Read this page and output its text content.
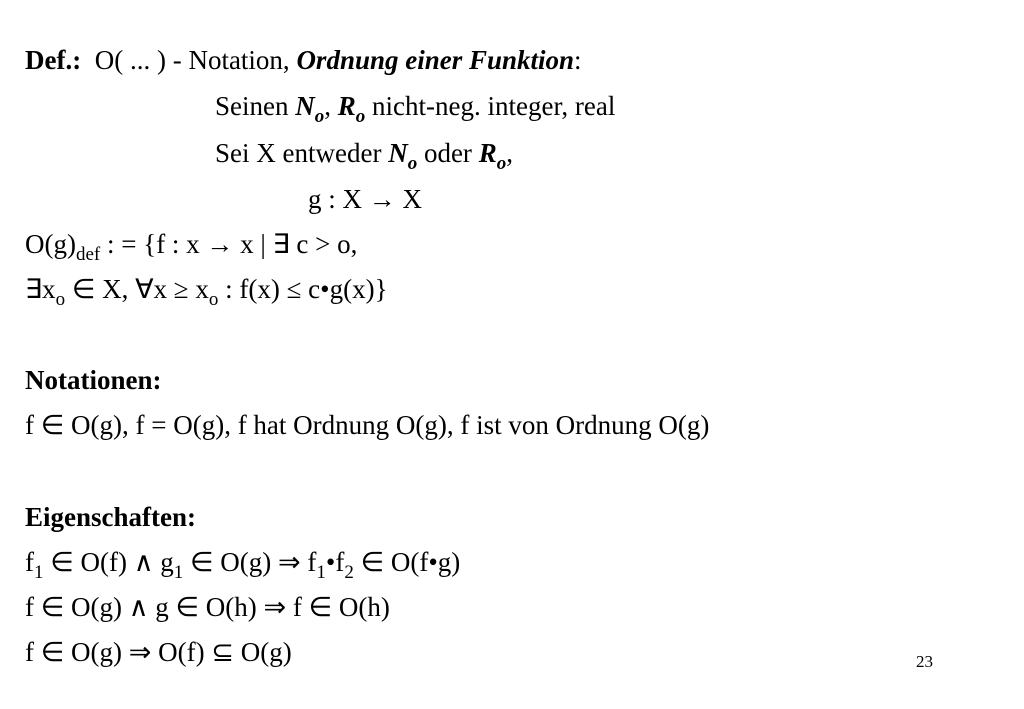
Def.: O( ... ) - Notation, Ordnung einer Funktion:
Seinen $N_o$, $R_o$ nicht-neg. integer, real
Sei X entweder $N_o$ oder $R_o$,
g : X → X
$O(g)_{def}$ : = {f : x → x | ∃ c > o,
$\exists x_o$ ∈ X, ∀x ≥ $x_o$ : f(x) ≤ c•g(x)}
Notationen:
f ∈ O(g), f = O(g), f hat Ordnung O(g), f ist von Ordnung O(g)
Eigenschaften:
$f_1$ ∈ O(f) ∧ $g_1$ ∈ O(g) ⇒ $f_1•f_2$ ∈ O(f•g)
f ∈ O(g) ∧ g ∈ O(h) ⇒ f ∈ O(h)
f ∈ O(g) ⇒ O(f) ⊆ O(g)	23
